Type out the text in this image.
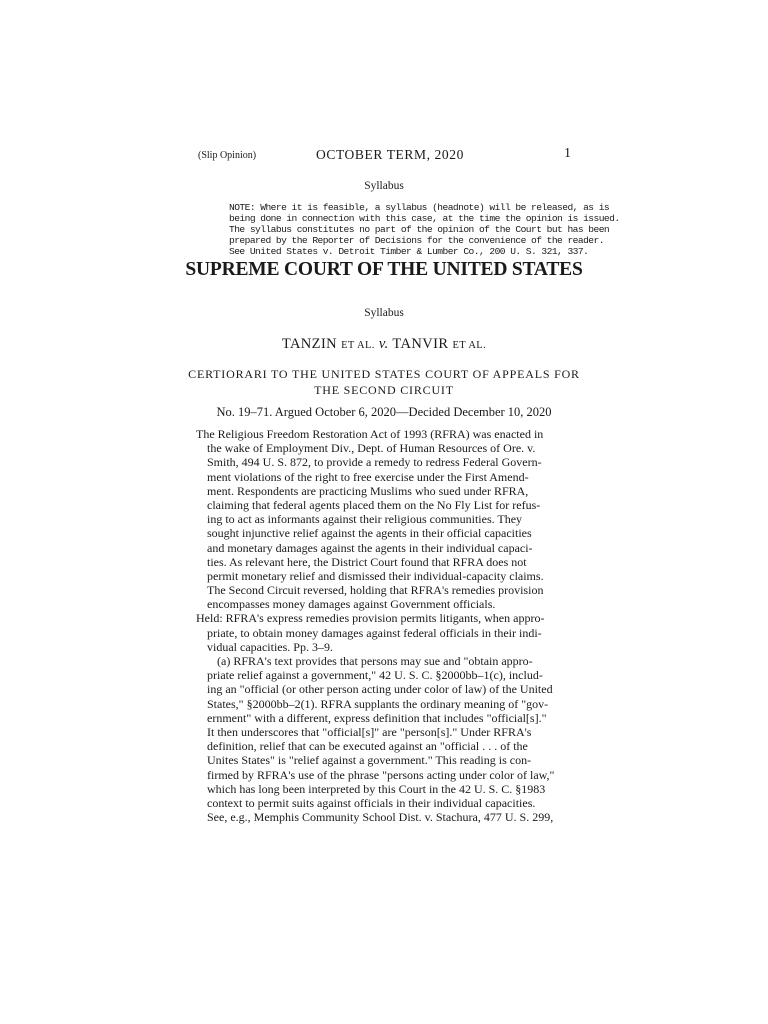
(Slip Opinion)	OCTOBER TERM, 2020	1
Syllabus
NOTE: Where it is feasible, a syllabus (headnote) will be released, as is
being done in connection with this case, at the time the opinion is issued.
The syllabus constitutes no part of the opinion of the Court but has been
prepared by the Reporter of Decisions for the convenience of the reader.
See United States v. Detroit Timber & Lumber Co., 200 U. S. 321, 337.
SUPREME COURT OF THE UNITED STATES
Syllabus
TANZIN ET AL. v. TANVIR ET AL.
CERTIORARI TO THE UNITED STATES COURT OF APPEALS FOR
THE SECOND CIRCUIT
No. 19–71. Argued October 6, 2020—Decided December 10, 2020
The Religious Freedom Restoration Act of 1993 (RFRA) was enacted in
the wake of Employment Div., Dept. of Human Resources of Ore. v.
Smith, 494 U. S. 872, to provide a remedy to redress Federal Govern-
ment violations of the right to free exercise under the First Amend-
ment. Respondents are practicing Muslims who sued under RFRA,
claiming that federal agents placed them on the No Fly List for refus-
ing to act as informants against their religious communities. They
sought injunctive relief against the agents in their official capacities
and monetary damages against the agents in their individual capaci-
ties. As relevant here, the District Court found that RFRA does not
permit monetary relief and dismissed their individual-capacity claims.
The Second Circuit reversed, holding that RFRA's remedies provision
encompasses money damages against Government officials.
Held: RFRA's express remedies provision permits litigants, when appro-
priate, to obtain money damages against federal officials in their indi-
vidual capacities. Pp. 3–9.
(a) RFRA's text provides that persons may sue and "obtain appro-
priate relief against a government," 42 U. S. C. §2000bb–1(c), includ-
ing an "official (or other person acting under color of law) of the United
States," §2000bb–2(1). RFRA supplants the ordinary meaning of "gov-
ernment" with a different, express definition that includes "official[s]."
It then underscores that "official[s]" are "person[s]." Under RFRA's
definition, relief that can be executed against an "official . . . of the
Unites States" is "relief against a government." This reading is con-
firmed by RFRA's use of the phrase "persons acting under color of law,"
which has long been interpreted by this Court in the 42 U. S. C. §1983
context to permit suits against officials in their individual capacities.
See, e.g., Memphis Community School Dist. v. Stachura, 477 U. S. 299,
